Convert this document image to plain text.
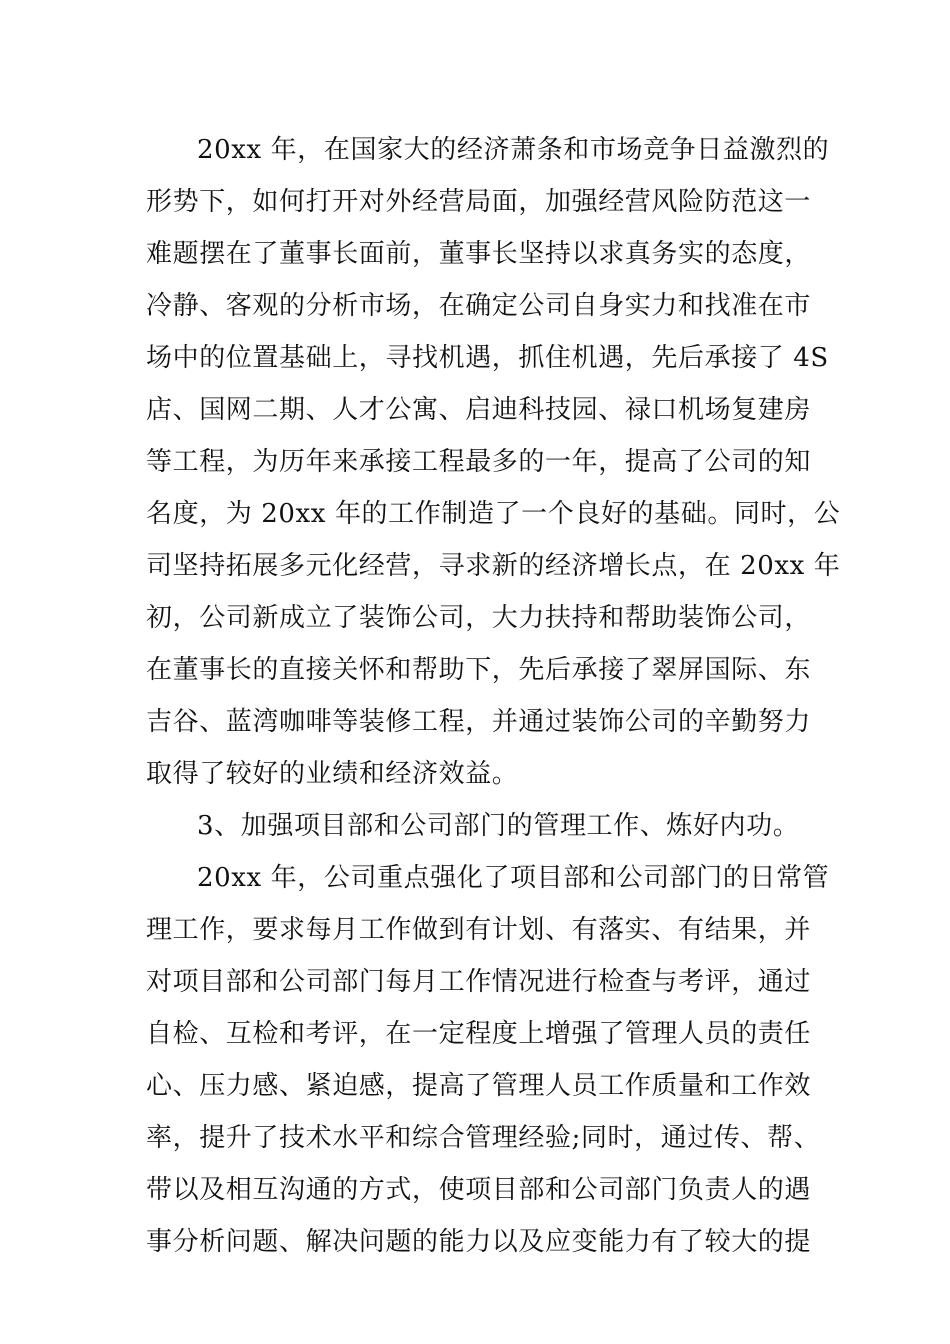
20xx 年，在国家大的经济萧条和市场竞争日益激烈的
形势下，如何打开对外经营局面，加强经营风险防范这一
难题摆在了董事长面前，董事长坚持以求真务实的态度，
冷静、客观的分析市场，在确定公司自身实力和找准在市
场中的位置基础上，寻找机遇，抓住机遇，先后承接了 4S
店、国网二期、人才公寓、启迪科技园、禄口机场复建房
等工程，为历年来承接工程最多的一年，提高了公司的知
名度，为 20xx 年的工作制造了一个良好的基础。同时，公
司坚持拓展多元化经营，寻求新的经济增长点，在 20xx 年
初，公司新成立了装饰公司，大力扶持和帮助装饰公司，
在董事长的直接关怀和帮助下，先后承接了翠屏国际、东
吉谷、蓝湾咖啡等装修工程，并通过装饰公司的辛勤努力
取得了较好的业绩和经济效益。
3、加强项目部和公司部门的管理工作、炼好内功。
20xx 年，公司重点强化了项目部和公司部门的日常管
理工作，要求每月工作做到有计划、有落实、有结果，并
对项目部和公司部门每月工作情况进行检查与考评，通过
自检、互检和考评，在一定程度上增强了管理人员的责任
心、压力感、紧迫感，提高了管理人员工作质量和工作效
率，提升了技术水平和综合管理经验;同时，通过传、帮、
带以及相互沟通的方式，使项目部和公司部门负责人的遇
事分析问题、解决问题的能力以及应变能力有了较大的提
